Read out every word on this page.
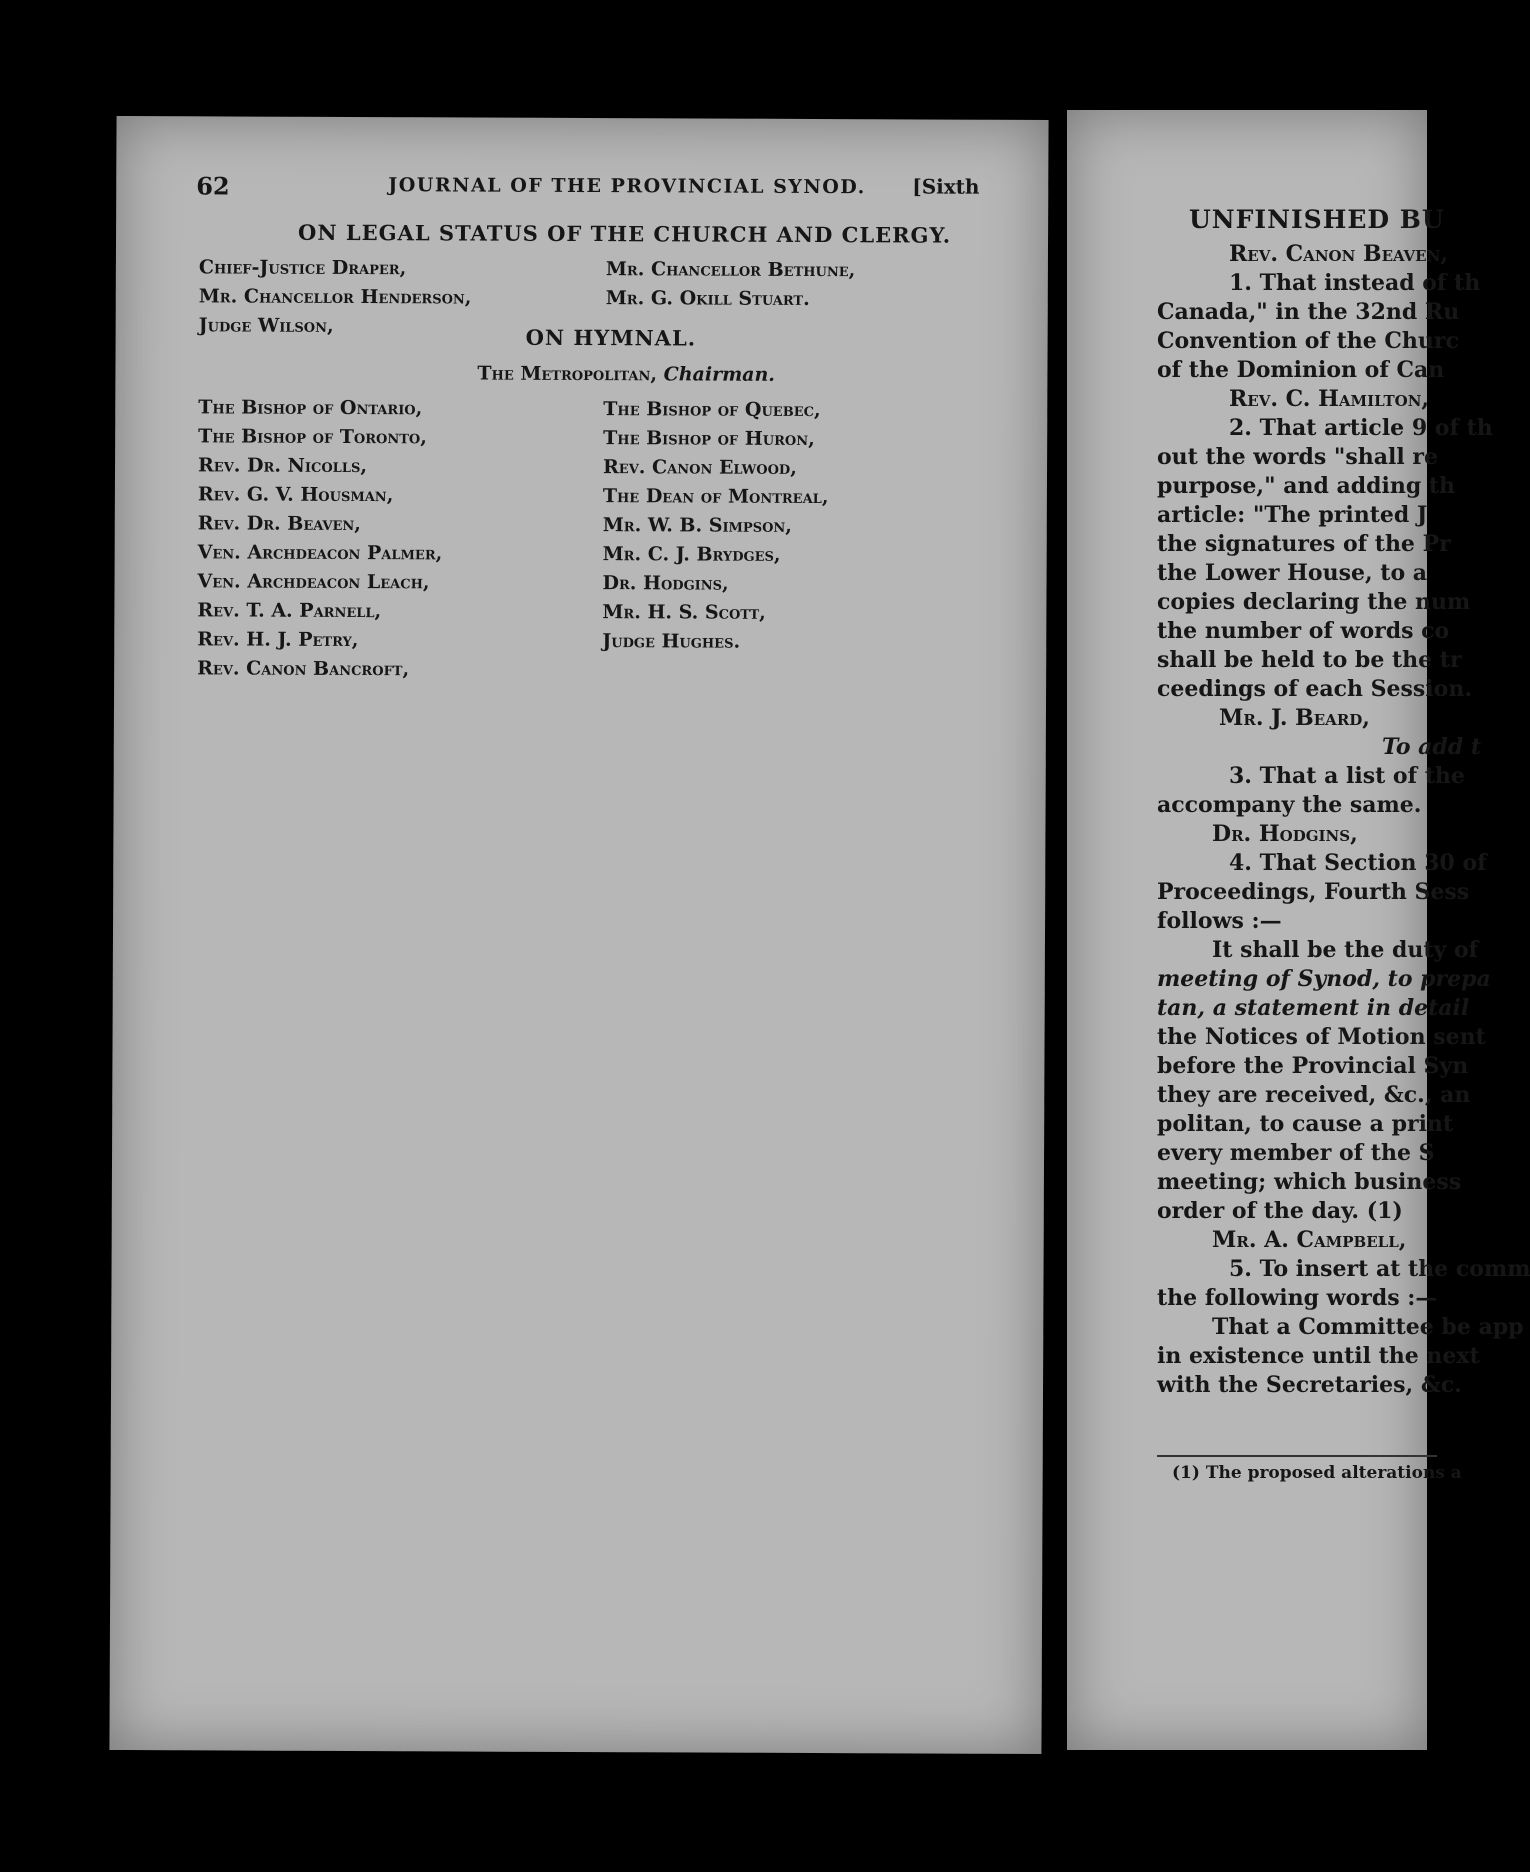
62	JOURNAL OF THE PROVINCIAL SYNOD. [Sixth
ON LEGAL STATUS OF THE CHURCH AND CLERGY.
Chief-Justice Draper,
Mr. Chancellor Henderson,
Judge Wilson,
Mr. Chancellor Bethune,
Mr. G. Okill Stuart.
ON HYMNAL.
The Metropolitan, Chairman.
The Bishop of Ontario,
The Bishop of Toronto,
Rev. Dr. Nicolls,
Rev. G. V. Housman,
Rev. Dr. Beaven,
Ven. Archdeacon Palmer,
Ven. Archdeacon Leach,
Rev. T. A. Parnell,
Rev. H. J. Petry,
Rev. Canon Bancroft,
The Bishop of Quebec,
The Bishop of Huron,
Rev. Canon Elwood,
The Dean of Montreal,
Mr. W. B. Simpson,
Mr. C. J. Brydges,
Dr. Hodgins,
Mr. H. S. Scott,
Judge Hughes.
UNFINISHED BU
Rev. Canon Beaven,
1. That instead of th
Canada," in the 32nd Ru
Convention of the Churc
of the Dominion of Can
Rev. C. Hamilton,
2. That article 9 of th
out the words "shall re
purpose," and adding th
article: "The printed J
the signatures of the Pr
the Lower House, to a
copies declaring the num
the number of words co
shall be held to be the tr
ceedings of each Session.
Mr. J. Beard,
To add t
3. That a list of the
accompany the same.
Dr. Hodgins,
4. That Section 30 of
Proceedings, Fourth Sess
follows :—
It shall be the duty of
meeting of Synod, to prepa
tan, a statement in detail
the Notices of Motion sent
before the Provincial Syn
they are received, &c., an
politan, to cause a print
every member of the S
meeting; which business
order of the day. (1)
Mr. A. Campbell,
5. To insert at the comm
the following words :—
That a Committee be app
in existence until the next
with the Secretaries, &c.
(1) The proposed alterations a
